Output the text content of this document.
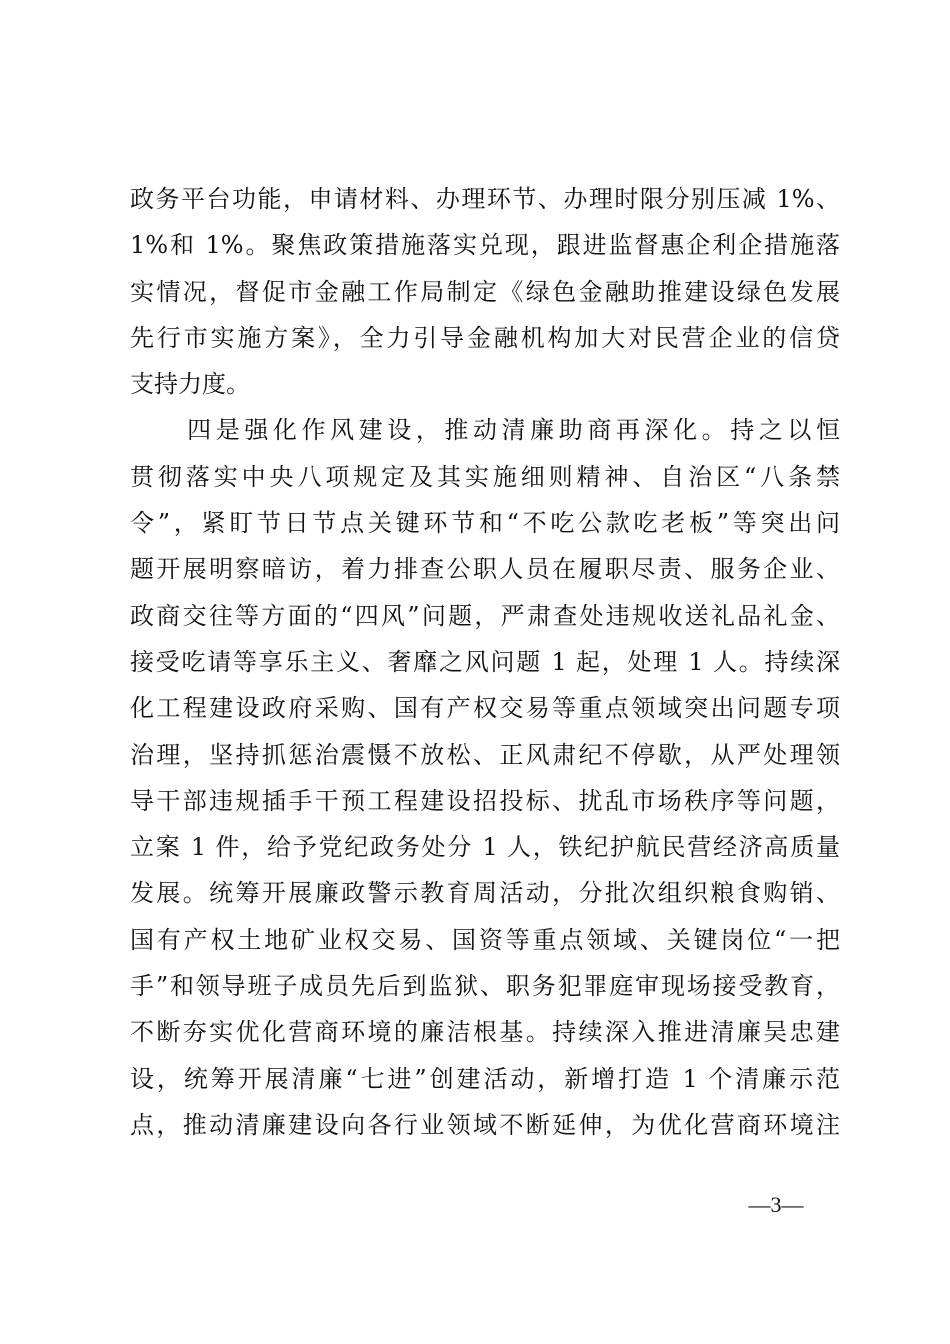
政务平台功能，申请材料、办理环节、办理时限分别压减 1%、
1%和 1%。聚焦政策措施落实兑现，跟进监督惠企利企措施落
实情况，督促市金融工作局制定《绿色金融助推建设绿色发展
先行市实施方案》，全力引导金融机构加大对民营企业的信贷
支持力度。
　　四是强化作风建设，推动清廉助商再深化。持之以恒
贯彻落实中央八项规定及其实施细则精神、自治区“八条禁
令”，紧盯节日节点关键环节和“不吃公款吃老板”等突出问
题开展明察暗访，着力排查公职人员在履职尽责、服务企业、
政商交往等方面的“四风”问题，严肃查处违规收送礼品礼金、
接受吃请等享乐主义、奢靡之风问题 1 起，处理 1 人。持续深
化工程建设政府采购、国有产权交易等重点领域突出问题专项
治理，坚持抓惩治震慑不放松、正风肃纪不停歇，从严处理领
导干部违规插手干预工程建设招投标、扰乱市场秩序等问题，
立案 1 件，给予党纪政务处分 1 人，铁纪护航民营经济高质量
发展。统筹开展廉政警示教育周活动，分批次组织粮食购销、
国有产权土地矿业权交易、国资等重点领域、关键岗位“一把
手”和领导班子成员先后到监狱、职务犯罪庭审现场接受教育，
不断夯实优化营商环境的廉洁根基。持续深入推进清廉吴忠建
设，统筹开展清廉“七进”创建活动，新增打造 1 个清廉示范
点，推动清廉建设向各行业领域不断延伸，为优化营商环境注
—3—
